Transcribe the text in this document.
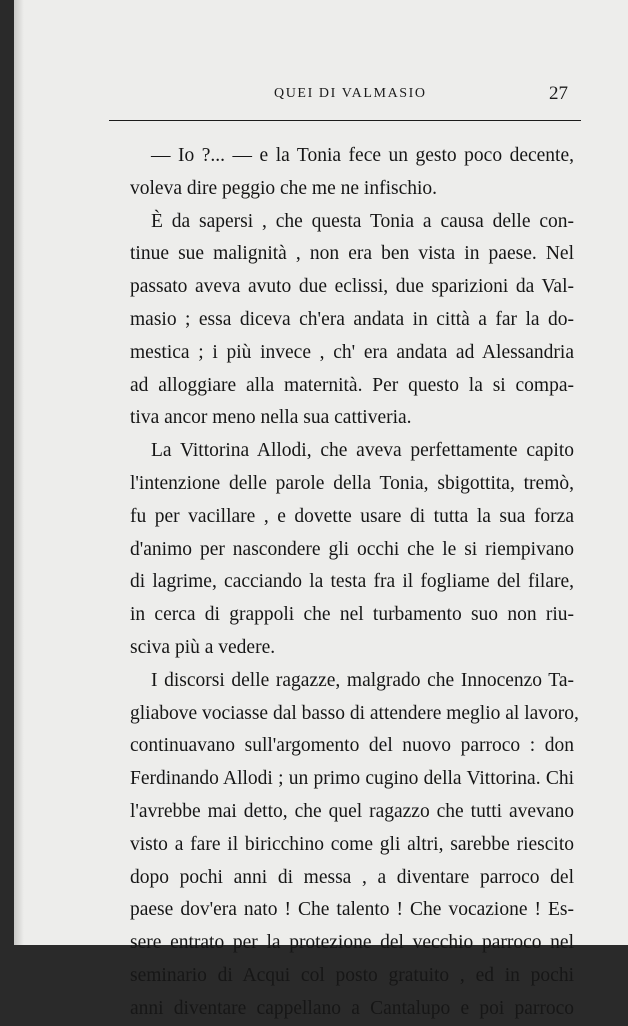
QUEI DI VALMASIO	27

— Io ?... — e la Tonia fece un gesto poco decente,
voleva dire peggio che me ne infischio.

È da sapersi , che questa Tonia a causa delle con-
tinue sue malignità , non era ben vista in paese. Nel
passato aveva avuto due eclissi, due sparizioni da Val-
masio ; essa diceva ch'era andata in città a far la do-
mestica ; i più invece , ch' era andata ad Alessandria
ad alloggiare alla maternità. Per questo la si compa-
tiva ancor meno nella sua cattiveria.

La Vittorina Allodi, che aveva perfettamente capito
l'intenzione delle parole della Tonia, sbigottita, tremò,
fu per vacillare , e dovette usare di tutta la sua forza
d'animo per nascondere gli occhi che le si riempivano
di lagrime, cacciando la testa fra il fogliame del filare,
in cerca di grappoli che nel turbamento suo non riu-
sciva più a vedere.

I discorsi delle ragazze, malgrado che Innocenzo Ta-
gliabove vociasse dal basso di attendere meglio al lavoro,
continuavano sull'argomento del nuovo parroco : don
Ferdinando Allodi ; un primo cugino della Vittorina. Chi
l'avrebbe mai detto, che quel ragazzo che tutti avevano
visto a fare il biricchino come gli altri, sarebbe riescito
dopo pochi anni di messa , a diventare parroco del
paese dov'era nato ! Che talento ! Che vocazione ! Es-
sere entrato per la protezione del vecchio parroco nel
seminario di Acqui col posto gratuito , ed in pochi
anni diventare cappellano a Cantalupo e poi parroco
